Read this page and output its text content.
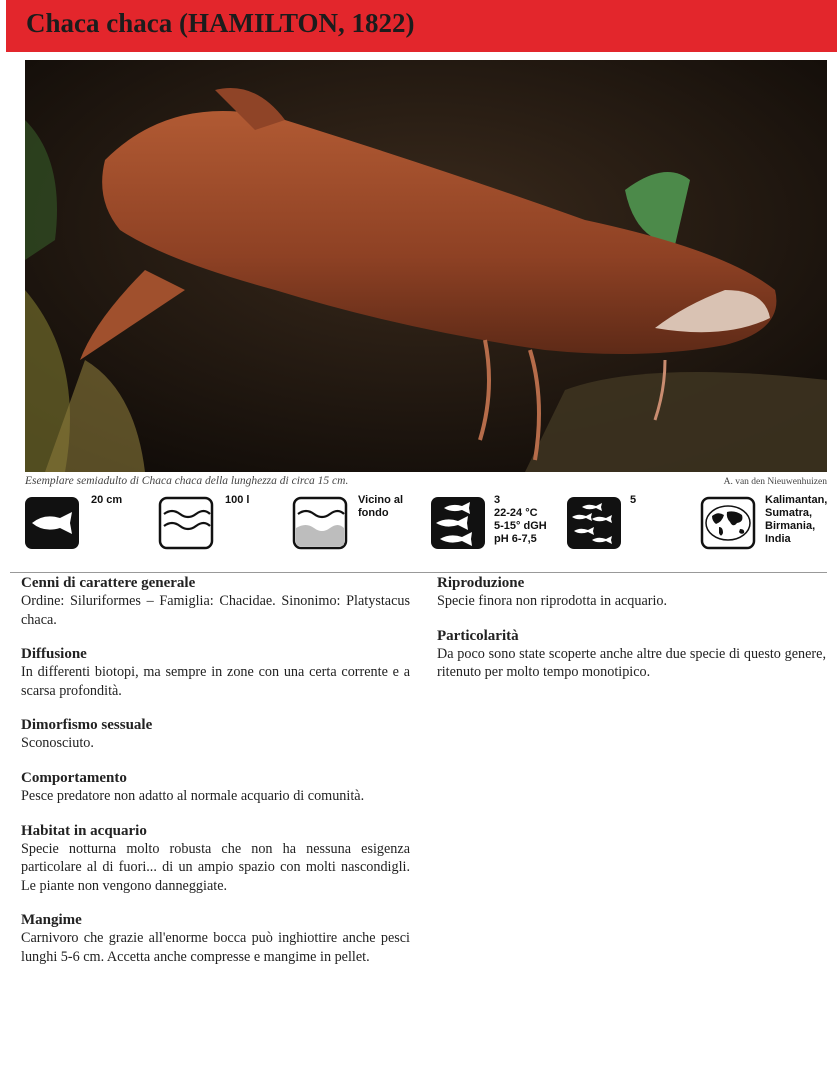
Chaca chaca (HAMILTON, 1822)
Esemplare semiadulto di Chaca chaca della lunghezza di circa 15 cm.	A. van den Nieuwenhuizen
20 cm	100 l	Vicino al
fondo
3
22-24 °C
5-15° dGH
pH 6-7,5
5	Kalimantan,
Sumatra,
Birmania,
India
Cenni di carattere generale

Ordine: Siluriformes – Famiglia: Chacidae. Sinonimo: Platystacus chaca.

Diffusione

In differenti biotopi, ma sempre in zone con una certa corrente e a scarsa profondità.

Dimorfismo sessuale

Sconosciuto.

Comportamento

Pesce predatore non adatto al normale acquario di comunità.

Habitat in acquario

Specie notturna molto robusta che non ha nessuna esigenza particolare al di fuori... di un ampio spazio con molti nascondigli. Le piante non vengono danneggiate.

Mangime

Carnivoro che grazie all'enorme bocca può inghiottire anche pesci lunghi 5-6 cm. Accetta anche compresse e mangime in pellet.

Riproduzione

Specie finora non riprodotta in acquario.

Particolarità

Da poco sono state scoperte anche altre due specie di questo genere, ritenuto per molto tempo monotipico.
